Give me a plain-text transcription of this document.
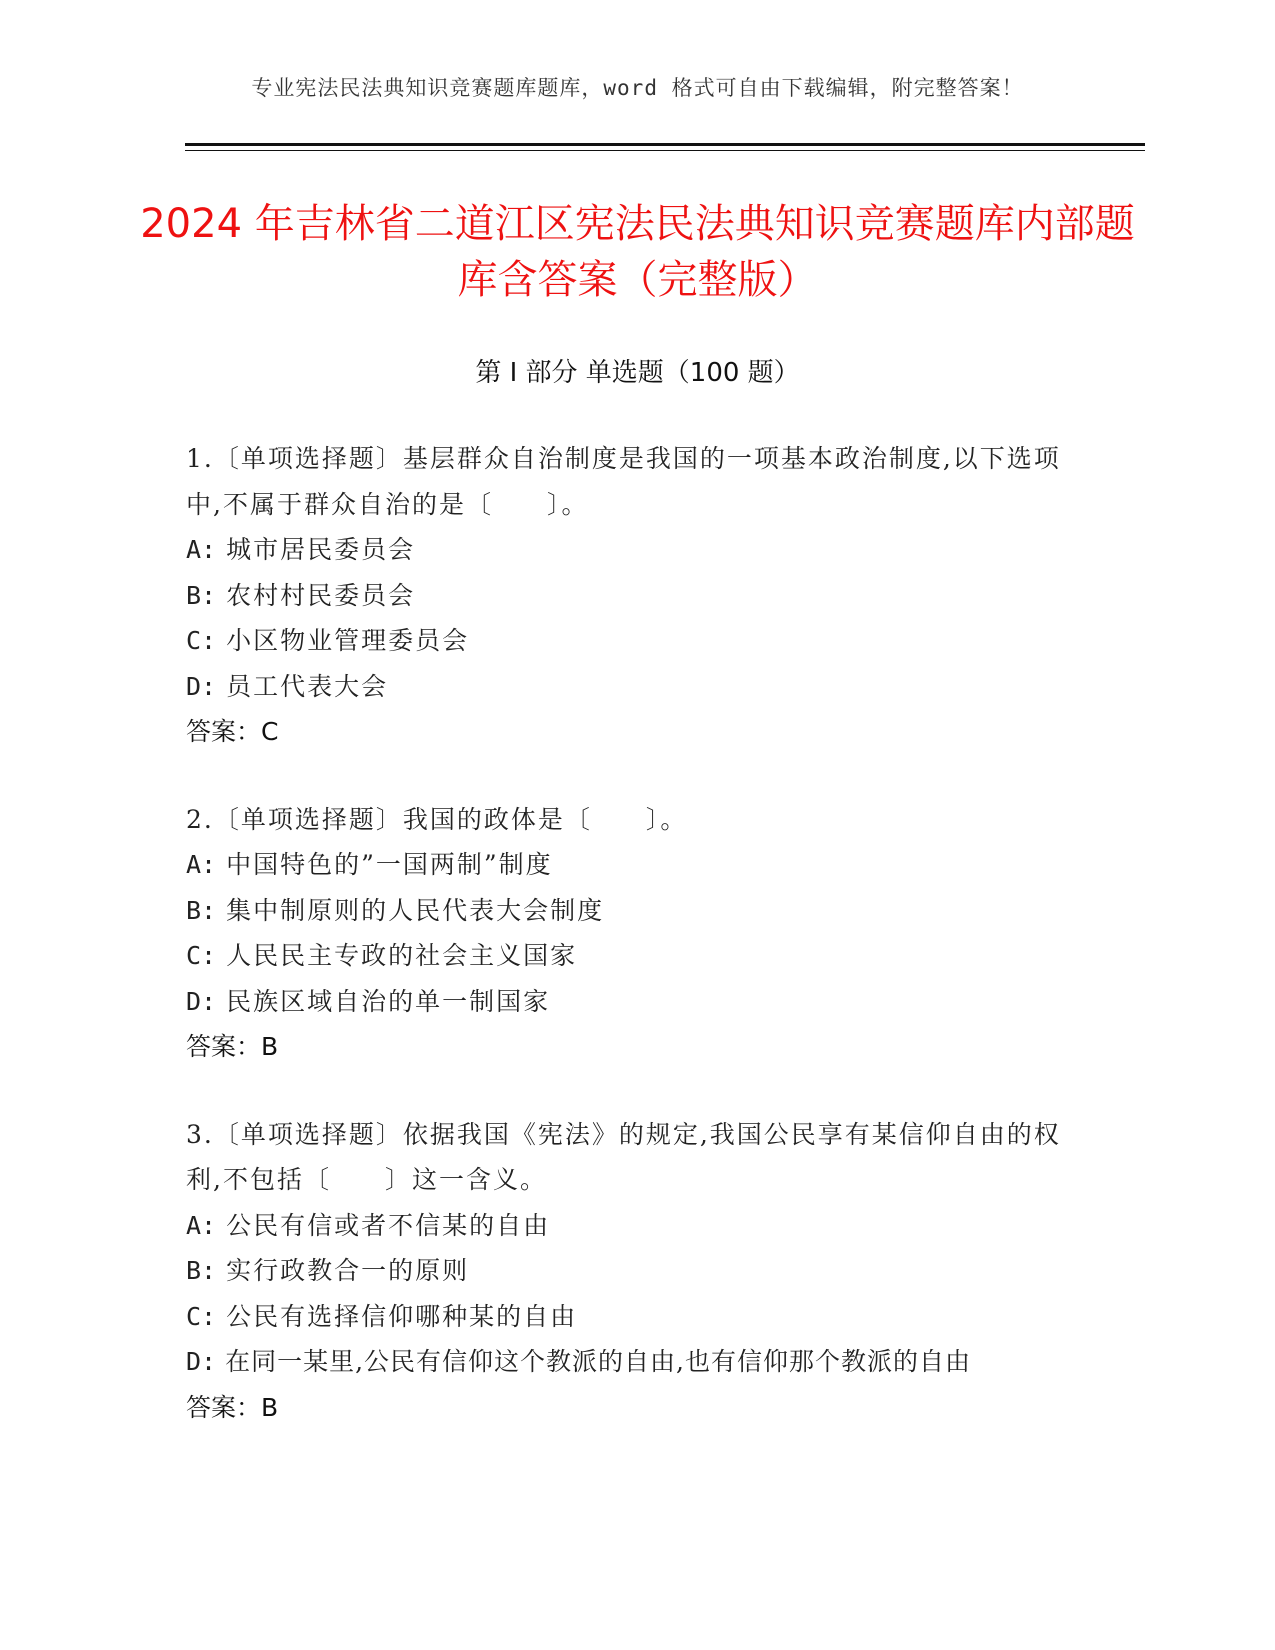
专业宪法民法典知识竞赛题库题库，word 格式可自由下载编辑，附完整答案！
2024 年吉林省二道江区宪法民法典知识竞赛题库内部题库含答案（完整版）
第 I 部分 单选题（100 题）
1.〔单项选择题〕基层群众自治制度是我国的一项基本政治制度,以下选项中,不属于群众自治的是〔　　〕。
A: 城市居民委员会
B: 农村村民委员会
C: 小区物业管理委员会
D: 员工代表大会
答案：C
2.〔单项选择题〕我国的政体是〔　　〕。
A: 中国特色的”一国两制”制度
B: 集中制原则的人民代表大会制度
C: 人民民主专政的社会主义国家
D: 民族区域自治的单一制国家
答案：B
3.〔单项选择题〕依据我国《宪法》的规定,我国公民享有某信仰自由的权利,不包括〔　　〕这一含义。
A: 公民有信或者不信某的自由
B: 实行政教合一的原则
C: 公民有选择信仰哪种某的自由
D: 在同一某里,公民有信仰这个教派的自由,也有信仰那个教派的自由
答案：B
